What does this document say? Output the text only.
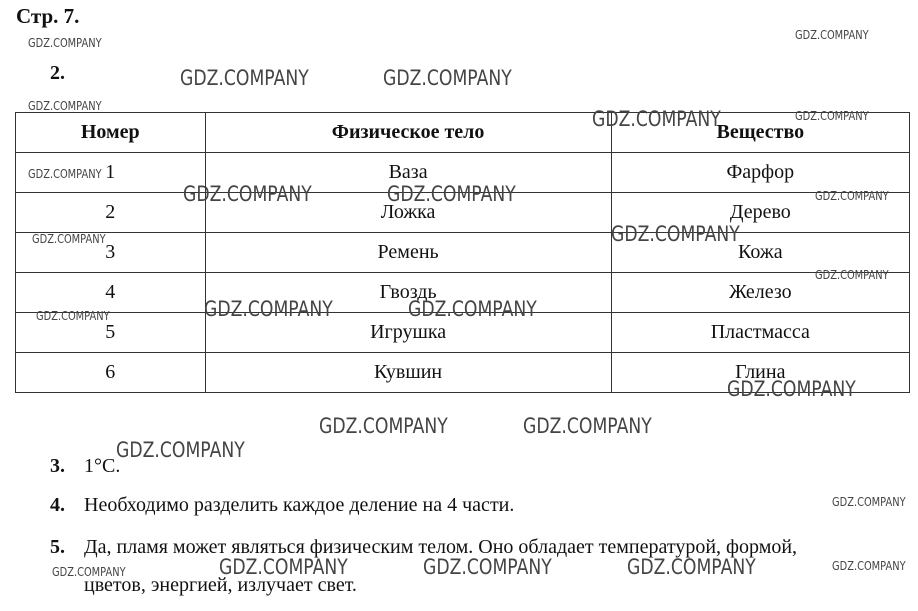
Стр. 7.
2.
Номер	Физическое тело	Вещество
1	Ваза	Фарфор
2	Ложка	Дерево
3	Ремень	Кожа
4	Гвоздь	Железо
5	Игрушка	Пластмасса
6	Кувшин	Глина
3. 1°С.
4. Необходимо разделить каждое деление на 4 части.
5. Да, пламя может являться физическим телом. Оно обладает температурой, формой,
цветов, энергией, излучает свет.
GDZ.COMPANY
GDZ.COMPANY
GDZ.COMPANY	GDZ.COMPANY
GDZ.COMPANY
GDZ.COMPANY	GDZ.COMPANY
GDZ.COMPANY
GDZ.COMPANY	GDZ.COMPANY	GDZ.COMPANY
GDZ.COMPANY	GDZ.COMPANY
GDZ.COMPANY
GDZ.COMPANY	GDZ.COMPANY	GDZ.COMPANY
GDZ.COMPANY
GDZ.COMPANY	GDZ.COMPANY
GDZ.COMPANY
GDZ.COMPANY
GDZ.COMPANY	GDZ.COMPANY	GDZ.COMPANY	GDZ.COMPANY	GDZ.COMPANY
